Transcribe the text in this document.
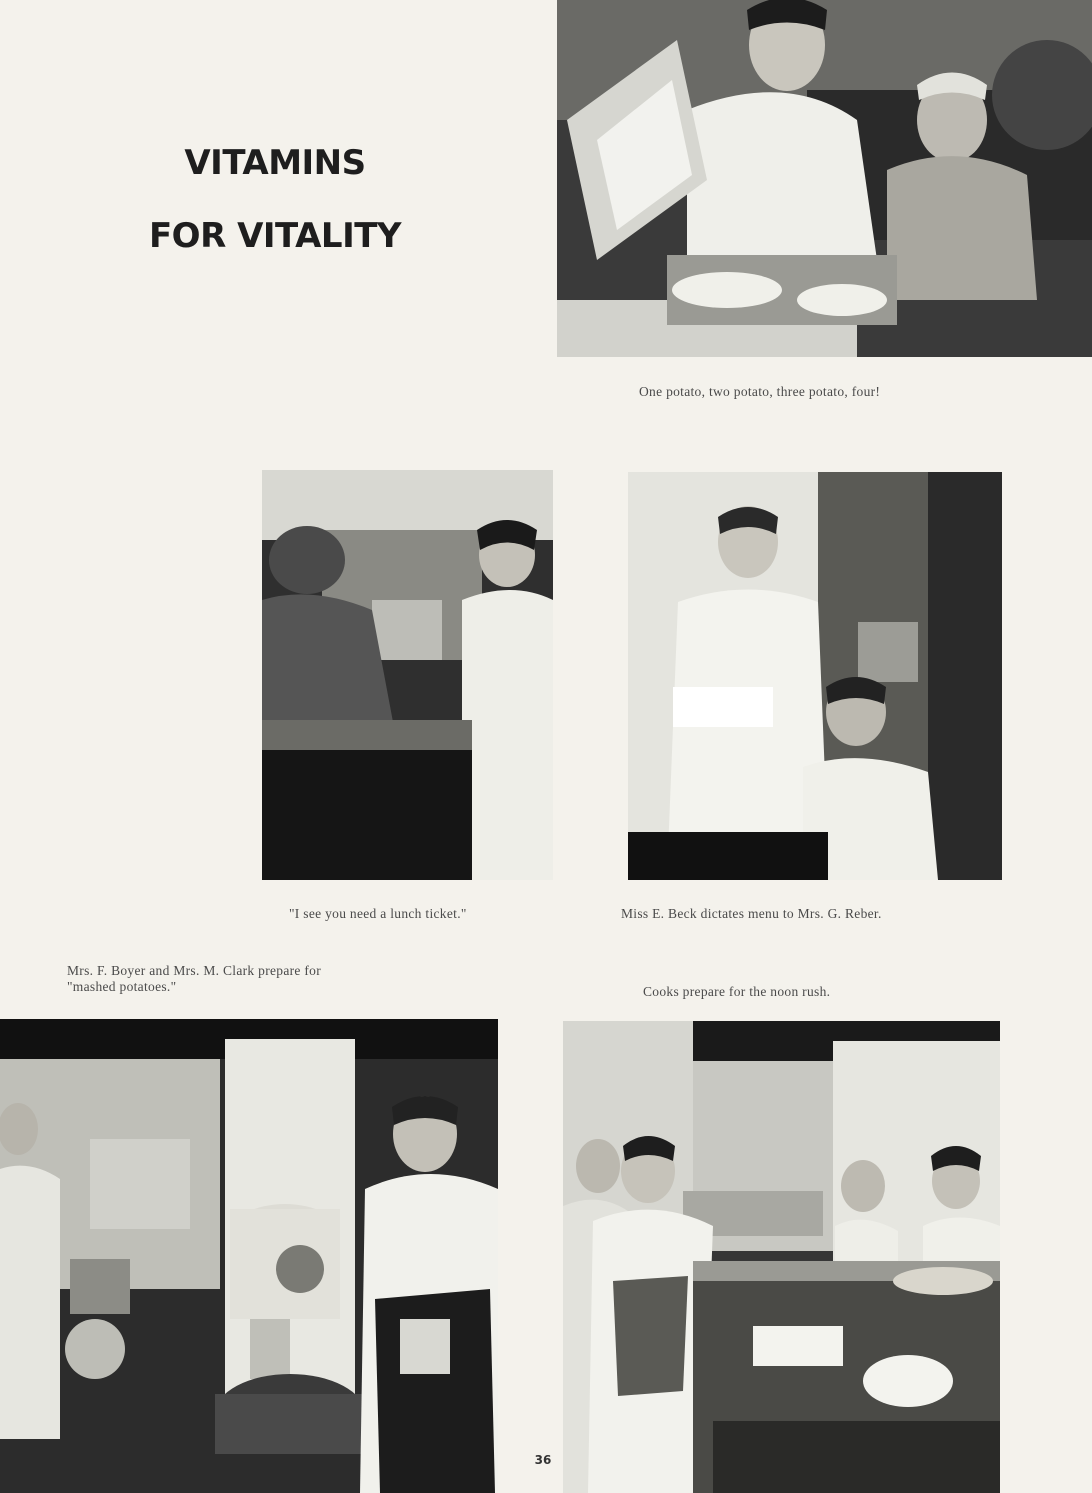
VITAMINS
FOR VITALITY
One potato, two potato, three potato, four!
"I see you need a lunch ticket."	Miss E. Beck dictates menu to Mrs. G. Reber.
Mrs. F. Boyer and Mrs. M. Clark prepare for
"mashed potatoes."	Cooks prepare for the noon rush.
36
